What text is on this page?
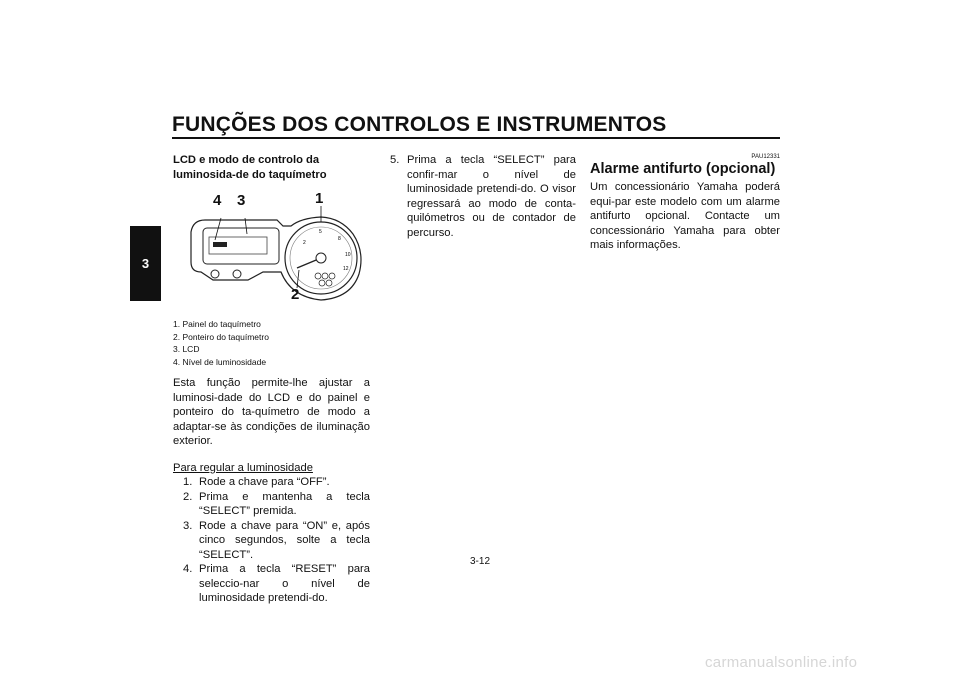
FUNÇÕES DOS CONTROLOS E INSTRUMENTOS
3

LCD e modo de controlo da luminosida-de do taquímetro

2
5
8
10
12
4 3	1
2
1. Painel do taquímetro
2. Ponteiro do taquímetro
3. LCD
4. Nível de luminosidade

Esta função permite-lhe ajustar a luminosi-dade do LCD e do painel e ponteiro do ta-químetro de modo a adaptar-se às condições de iluminação exterior.

Para regular a luminosidade
1. Rode a chave para “OFF”.
2. Prima e mantenha a tecla “SELECT” premida.
3. Rode a chave para “ON” e, após cinco segundos, solte a tecla “SELECT”.
4. Prima a tecla “RESET” para seleccio-nar o nível de luminosidade pretendi-do.
5. Prima a tecla “SELECT” para confir-mar o nível de luminosidade pretendi-do. O visor regressará ao modo de conta-quilómetros ou de contador de percurso.
PAU12331
Alarme antifurto (opcional)

Um concessionário Yamaha poderá equi-par este modelo com um alarme antifurto opcional. Contacte um concessionário Yamaha para obter mais informações.

3-12
carmanualsonline.info
